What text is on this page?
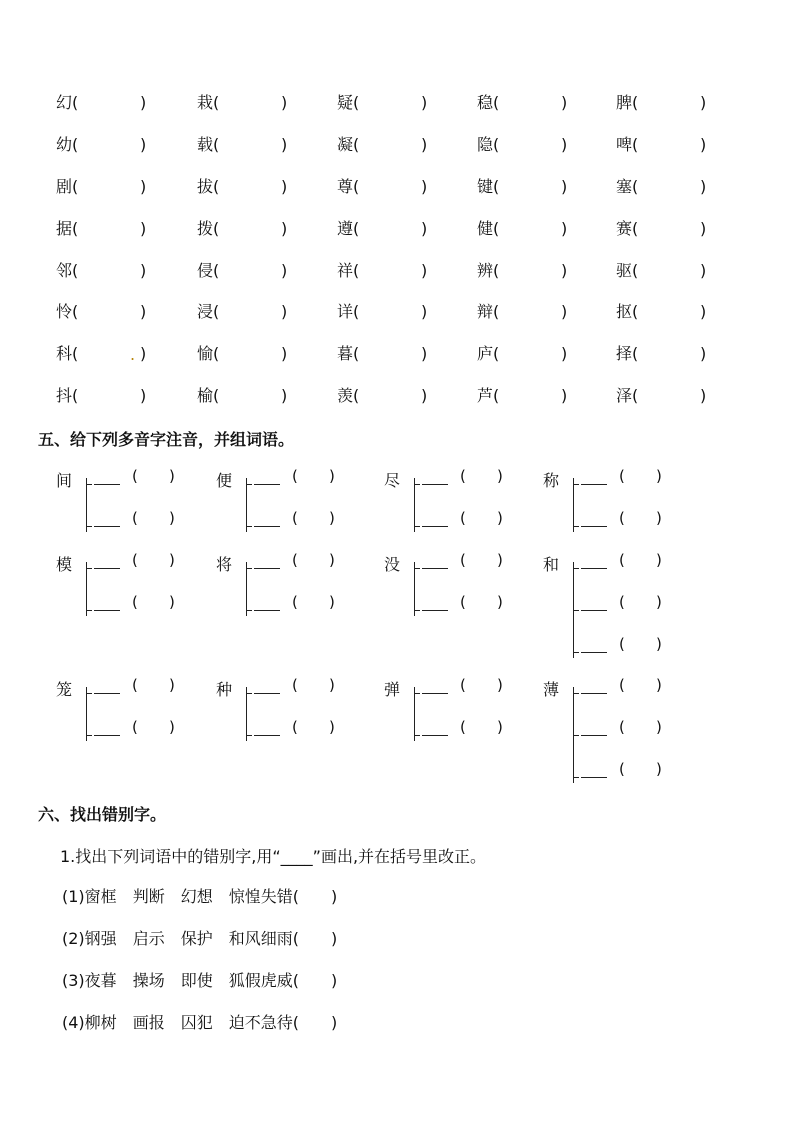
幻(	)	栽(	)	疑(	)	稳(	)	脾(	)
幼(	)	载(	)	凝(	)	隐(	)	啤(	)
剧(	)	拔(	)	尊(	)	键(	)	塞(	)
据(	)	拨(	)	遵(	)	健(	)	赛(	)
邻(	)	侵(	)	祥(	)	辨(	)	驱(	)
怜(	)	浸(	)	详(	)	辩(	)	抠(	)
科(	. )	愉(	)	暮(	)	庐(	)	择(	)
抖(	)	榆(	)	羡(	)	芦(	)	泽(	)
五、给下列多音字注音，并组词语。
间	( )
( )
便	( )
( )
尽	( )
( )
称	( )
( )
模	( )
( )
将	( )
( )
没	( )
( )
和	( )
( )
( )
笼	( )
( )
种	( )
( )
弹	( )
( )
薄	( )
( )
( )
六、找出错别字。
1.找出下列词语中的错别字,用“____”画出,并在括号里改正。
(1)窗框 判断 幻想 惊惶失错(　　)
(2)钢强 启示 保护 和风细雨(　　)
(3)夜暮 操场 即使 狐假虎威(　　)
(4)柳树 画报 囚犯 迫不急待(　　)
